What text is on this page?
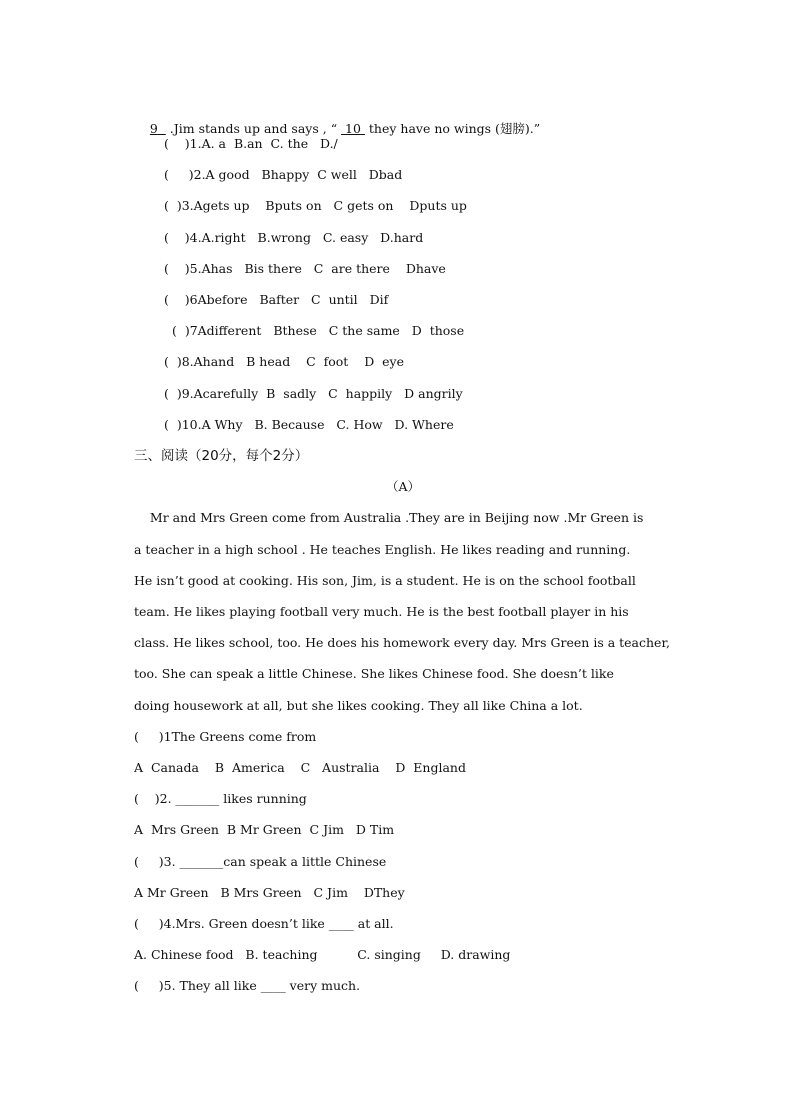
9   .Jim stands up and says , “  10  they have no wings (翅膀).”

(    )1.A. a  B.an  C. the   D./
(     )2.A good   Bhappy  C well   Dbad
(  )3.Agets up    Bputs on   C gets on    Dputs up
(    )4.A.right   B.wrong   C. easy   D.hard
(    )5.Ahas   Bis there   C  are there    Dhave
(    )6Abefore   Bafter   C  until   Dif
(  )7Adifferent   Bthese   C the same   D  those
(  )8.Ahand   B head    C  foot    D  eye
(  )9.Acarefully  B  sadly   C  happily   D angrily
(  )10.A Why   B. Because   C. How   D. Where
三、阅读（20分，每个2分）
（A）
Mr and Mrs Green come from Australia .They are in Beijing now .Mr Green is
a teacher in a high school . He teaches English. He likes reading and running.
He isn’t good at cooking. His son, Jim, is a student. He is on the school football
team. He likes playing football very much. He is the best football player in his
class. He likes school, too. He does his homework every day. Mrs Green is a teacher,
too. She can speak a little Chinese. She likes Chinese food. She doesn’t like
doing housework at all, but she likes cooking. They all like China a lot.
(     )1The Greens come from
A  Canada    B  America    C   Australia    D  England
(    )2. _______ likes running
A  Mrs Green  B Mr Green  C Jim   D Tim
(     )3. _______can speak a little Chinese
A Mr Green   B Mrs Green   C Jim    DThey
(     )4.Mrs. Green doesn’t like ____ at all.
A. Chinese food   B. teaching          C. singing     D. drawing
(     )5. They all like ____ very much.
